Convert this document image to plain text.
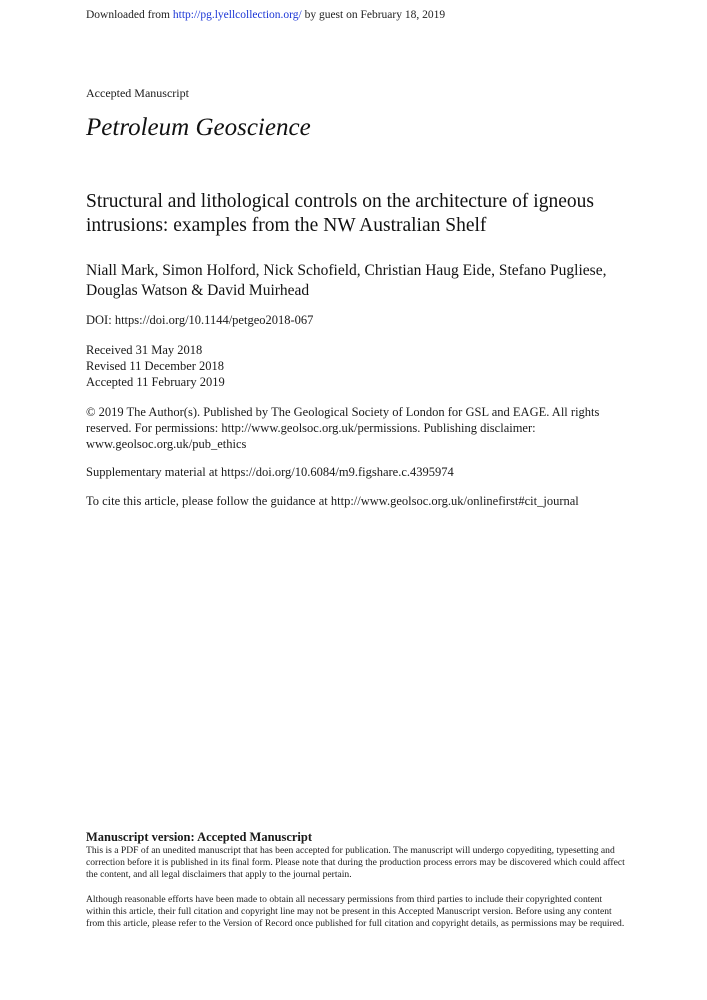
Downloaded from http://pg.lyellcollection.org/ by guest on February 18, 2019
Accepted Manuscript
Petroleum Geoscience
Structural and lithological controls on the architecture of igneous intrusions: examples from the NW Australian Shelf
Niall Mark, Simon Holford, Nick Schofield, Christian Haug Eide, Stefano Pugliese, Douglas Watson & David Muirhead
DOI: https://doi.org/10.1144/petgeo2018-067
Received 31 May 2018
Revised 11 December 2018
Accepted 11 February 2019
© 2019 The Author(s). Published by The Geological Society of London for GSL and EAGE. All rights reserved. For permissions: http://www.geolsoc.org.uk/permissions. Publishing disclaimer: www.geolsoc.org.uk/pub_ethics
Supplementary material at https://doi.org/10.6084/m9.figshare.c.4395974
To cite this article, please follow the guidance at http://www.geolsoc.org.uk/onlinefirst#cit_journal
Manuscript version: Accepted Manuscript
This is a PDF of an unedited manuscript that has been accepted for publication. The manuscript will undergo copyediting, typesetting and correction before it is published in its final form. Please note that during the production process errors may be discovered which could affect the content, and all legal disclaimers that apply to the journal pertain.
Although reasonable efforts have been made to obtain all necessary permissions from third parties to include their copyrighted content within this article, their full citation and copyright line may not be present in this Accepted Manuscript version. Before using any content from this article, please refer to the Version of Record once published for full citation and copyright details, as permissions may be required.
